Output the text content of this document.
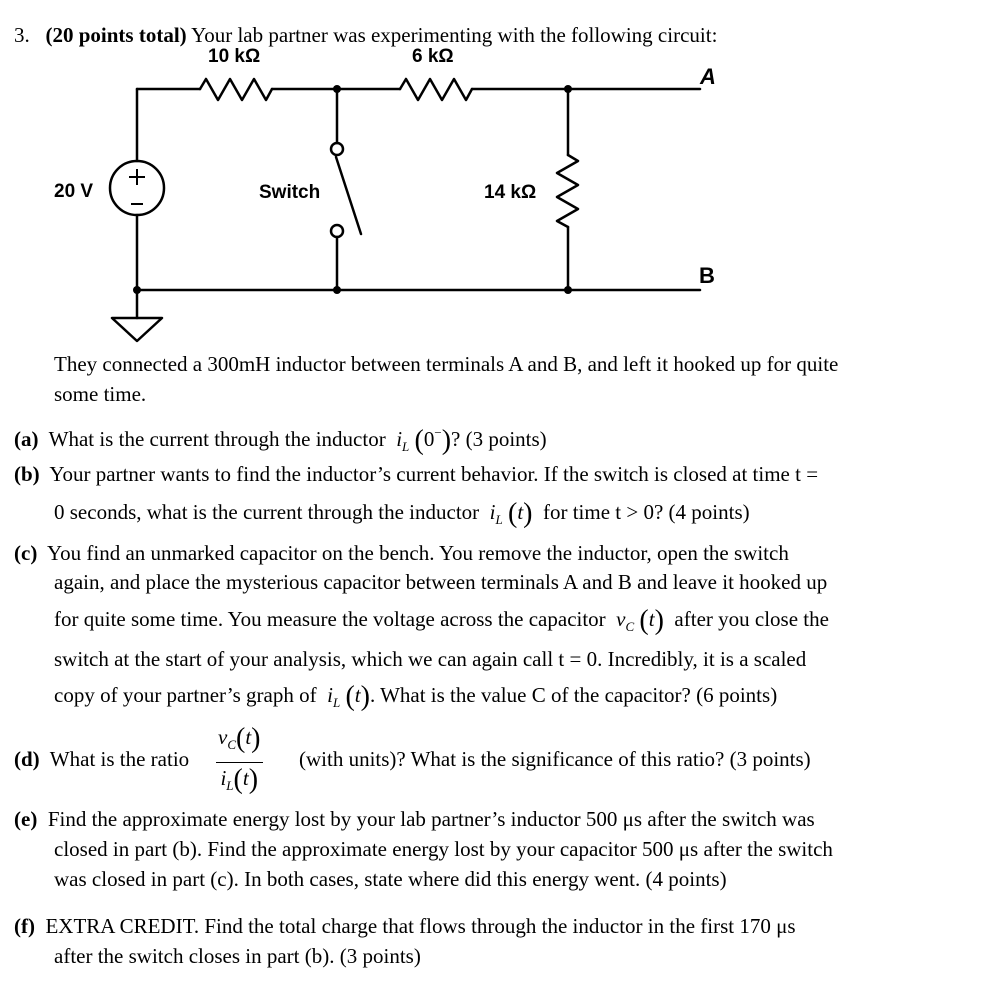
3. (20 points total) Your lab partner was experimenting with the following circuit:
10 kΩ	6 kΩ
14 kΩ
20 V	Switch
A
B
They connected a 300mH inductor between terminals A and B, and left it hooked up for quite
some time.
(a) What is the current through the inductor $i_L$ (0−)? (3 points)
(b) Your partner wants to find the inductor’s current behavior. If the switch is closed at time t =
0 seconds, what is the current through the inductor $i_L$ (t) for time t > 0? (4 points)
(c) You find an unmarked capacitor on the bench. You remove the inductor, open the switch
again, and place the mysterious capacitor between terminals A and B and leave it hooked up
for quite some time. You measure the voltage across the capacitor $v_C$ (t) after you close the
switch at the start of your analysis, which we can again call t = 0. Incredibly, it is a scaled
copy of your partner’s graph of $i_L$ (t). What is the value C of the capacitor? (6 points)
(d) What is the ratio $\frac{v_C(t)}{i_L(t)}$ (with units)? What is the significance of this ratio? (3 points)
(e) Find the approximate energy lost by your lab partner’s inductor 500 μs after the switch was
closed in part (b). Find the approximate energy lost by your capacitor 500 μs after the switch
was closed in part (c). In both cases, state where did this energy went. (4 points)
(f) EXTRA CREDIT. Find the total charge that flows through the inductor in the first 170 μs
after the switch closes in part (b). (3 points)
